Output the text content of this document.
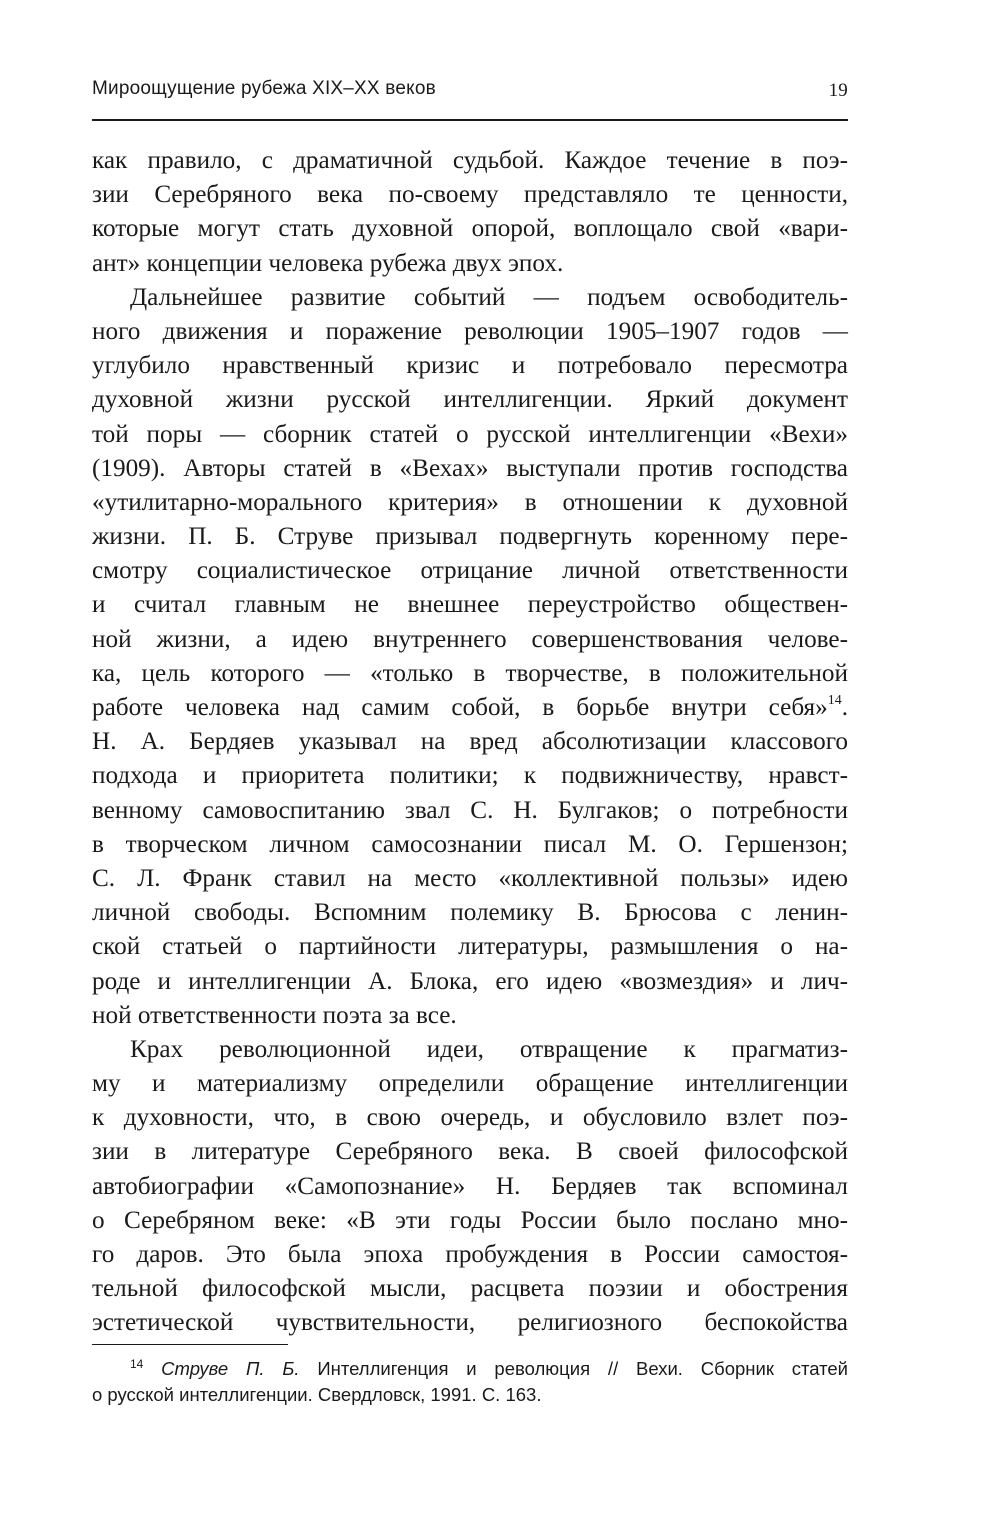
Мироощущение рубежа XIX–XX веков	19
как правило, с драматичной судьбой. Каждое течение в поэ-
зии Серебряного века по-своему представляло те ценности,
которые могут стать духовной опорой, воплощало свой «вари-
ант» концепции человека рубежа двух эпох.
Дальнейшее развитие событий — подъем освободитель-
ного движения и поражение революции 1905–1907 годов —
углубило нравственный кризис и потребовало пересмотра
духовной жизни русской интеллигенции. Яркий документ
той поры — сборник статей о русской интеллигенции «Вехи»
(1909). Авторы статей в «Вехах» выступали против господства
«утилитарно-морального критерия» в отношении к духовной
жизни. П. Б. Струве призывал подвергнуть коренному пере-
смотру социалистическое отрицание личной ответственности
и считал главным не внешнее переустройство обществен-
ной жизни, а идею внутреннего совершенствования челове-
ка, цель которого — «только в творчестве, в положительной
работе человека над самим собой, в борьбе внутри себя»$^{14}$.
Н. А. Бердяев указывал на вред абсолютизации классового
подхода и приоритета политики; к подвижничеству, нравст-
венному самовоспитанию звал С. Н. Булгаков; о потребности
в творческом личном самосознании писал М. О. Гершензон;
С. Л. Франк ставил на место «коллективной пользы» идею
личной свободы. Вспомним полемику В. Брюсова с ленин-
ской статьей о партийности литературы, размышления о на-
роде и интеллигенции А. Блока, его идею «возмездия» и лич-
ной ответственности поэта за все.
Крах революционной идеи, отвращение к прагматиз-
му и материализму определили обращение интеллигенции
к духовности, что, в свою очередь, и обусловило взлет поэ-
зии в литературе Серебряного века. В своей философской
автобиографии «Самопознание» Н. Бердяев так вспоминал
о Серебряном веке: «В эти годы России было послано мно-
го даров. Это была эпоха пробуждения в России самостоя-
тельной философской мысли, расцвета поэзии и обострения
эстетической чувствительности, религиозного беспокойства
$^{14}$ Струве П. Б. Интеллигенция и революция // Вехи. Сборник статей
о русской интеллигенции. Свердловск, 1991. С. 163.
